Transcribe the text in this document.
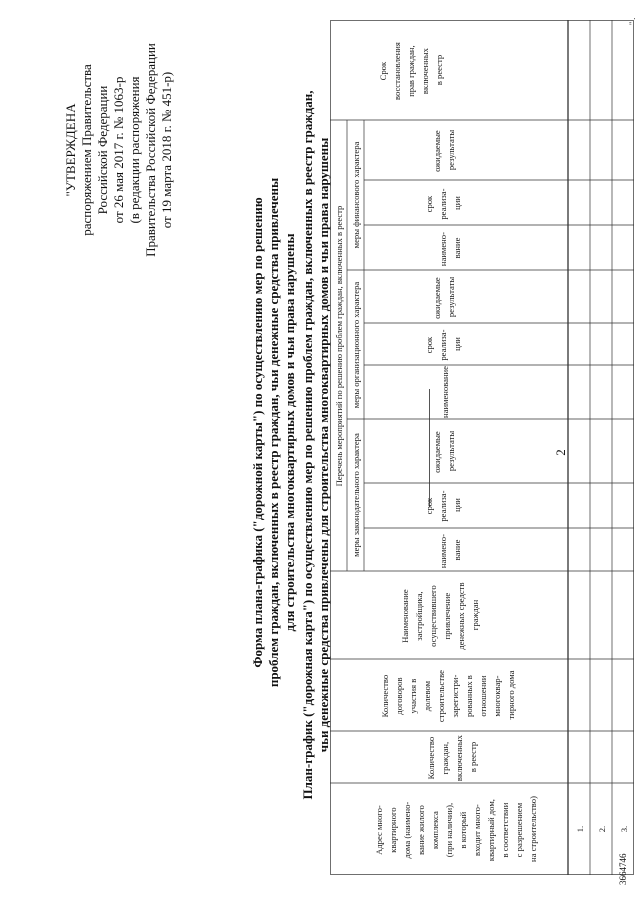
2
"УТВЕРЖДЕНА распоряжением Правительства Российской Федерации от 26 мая 2017 г. № 1063-р (в редакции распоряжения Правительства Российской Федерации от 19 марта 2018 г. № 451-р)
Форма плана-графика ("дорожной карты") по осуществлению мер по решению проблем граждан, включенных в реестр граждан, чьи денежные средства привлечены для строительства многоквартирных домов и чьи права нарушены План-график ("дорожная карта") по осуществлению мер по решению проблем граждан, включенных в реестр граждан, чьи денежные средства привлечены для строительства многоквартирных домов и чьи права нарушены
Адрес много- квартирного дома (наимено- вание жилого комплекса (при наличии), в который входит много- квартирный дом, в соответствии с разрешением на строительство)
Количество граждан, включенных в реестр
Количество договоров участия в долевом строительстве зарегистри- рованных в отношении многоквар- тирного дома
Наименование застройщика, осуществившего привлечение денежных средств граждан
Перечень мероприятий по решению проблем граждан, включенных в реестр
меры законодательного характера
меры организационного характера
меры финансового характера
наимено- вание
срок реализа- ции
ожидаемые результаты
наименование
срок реализа- ции
ожидаемые результаты
наимено- вание
срок реализа- ции
ожидаемые результаты
Срок восстановления прав граждан, включенных в реестр
1. 2. 3.
3664746
" .
